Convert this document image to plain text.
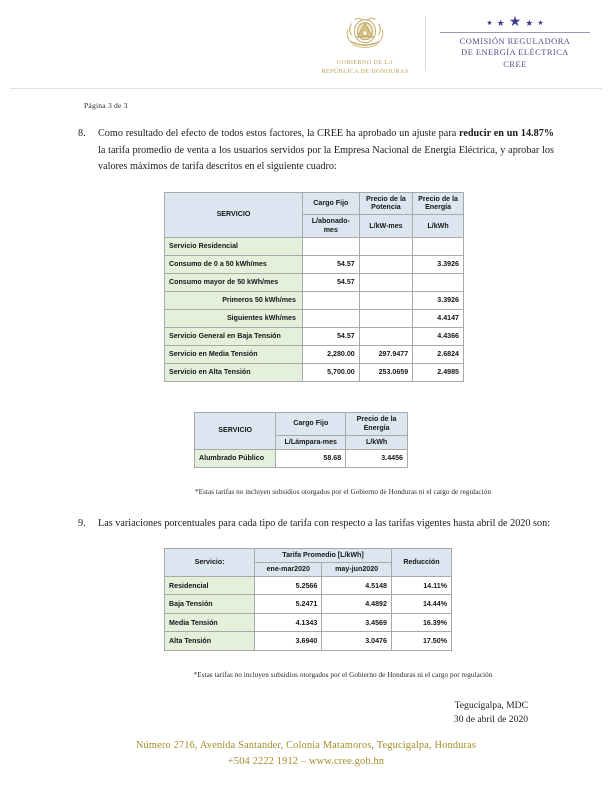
GOBIERNO DE LA
REPÚBLICA DE HONDURAS
★ ★ ★ ★ ★
COMISIÓN REGULADORA
DE ENERGÍA ELÉCTRICA
CREE
Página 3 de 3
8.	Como resultado del efecto de todos estos factores, la CREE ha aprobado un ajuste para reducir en un 14.87% la tarifa promedio de venta a los usuarios servidos por la Empresa Nacional de Energía Eléctrica, y aprobar los valores máximos de tarifa descritos en el siguiente cuadro:
SERVICIO	Cargo Fijo	Precio de la Potencia	Precio de la Energía
	L/abonado-mes	L/kW-mes	L/kWh
Servicio Residencial			
Consumo de 0 a 50 kWh/mes	54.57		3.3926
Consumo mayor de 50 kWh/mes	54.57		
Primeros 50 kWh/mes			3.3926
Siguientes kWh/mes			4.4147
Servicio General en Baja Tensión	54.57		4.4366
Servicio en Media Tensión	2,280.00	297.9477	2.6824
Servicio en Alta Tensión	5,700.00	253.0659	2.4985
SERVICIO	Cargo Fijo	Precio de la Energía
	L/Lámpara-mes	L/kWh
Alumbrado Público	58.68	3.4456
*Estas tarifas no incluyen subsidios otorgados por el Gobierno de Honduras ni el cargo de regulación
9.	Las variaciones porcentuales para cada tipo de tarifa con respecto a las tarifas vigentes hasta abril de 2020 son:
Servicio:	Tarifa Promedio [L/kWh]		Reducción
	ene-mar2020	may-jun2020	
Residencial	5.2566	4.5148	14.11%
Baja Tensión	5.2471	4.4892	14.44%
Media Tensión	4.1343	3.4569	16.39%
Alta Tensión	3.6940	3.0476	17.50%
*Estas tarifas no incluyen subsidios otorgados por el Gobierno de Honduras ni el cargo por regulación
Tegucigalpa, MDC
30 de abril de 2020
Número 2716, Avenida Santander, Colonia Matamoros, Tegucigalpa, Honduras
+504 2222 1912 – www.cree.gob.hn
